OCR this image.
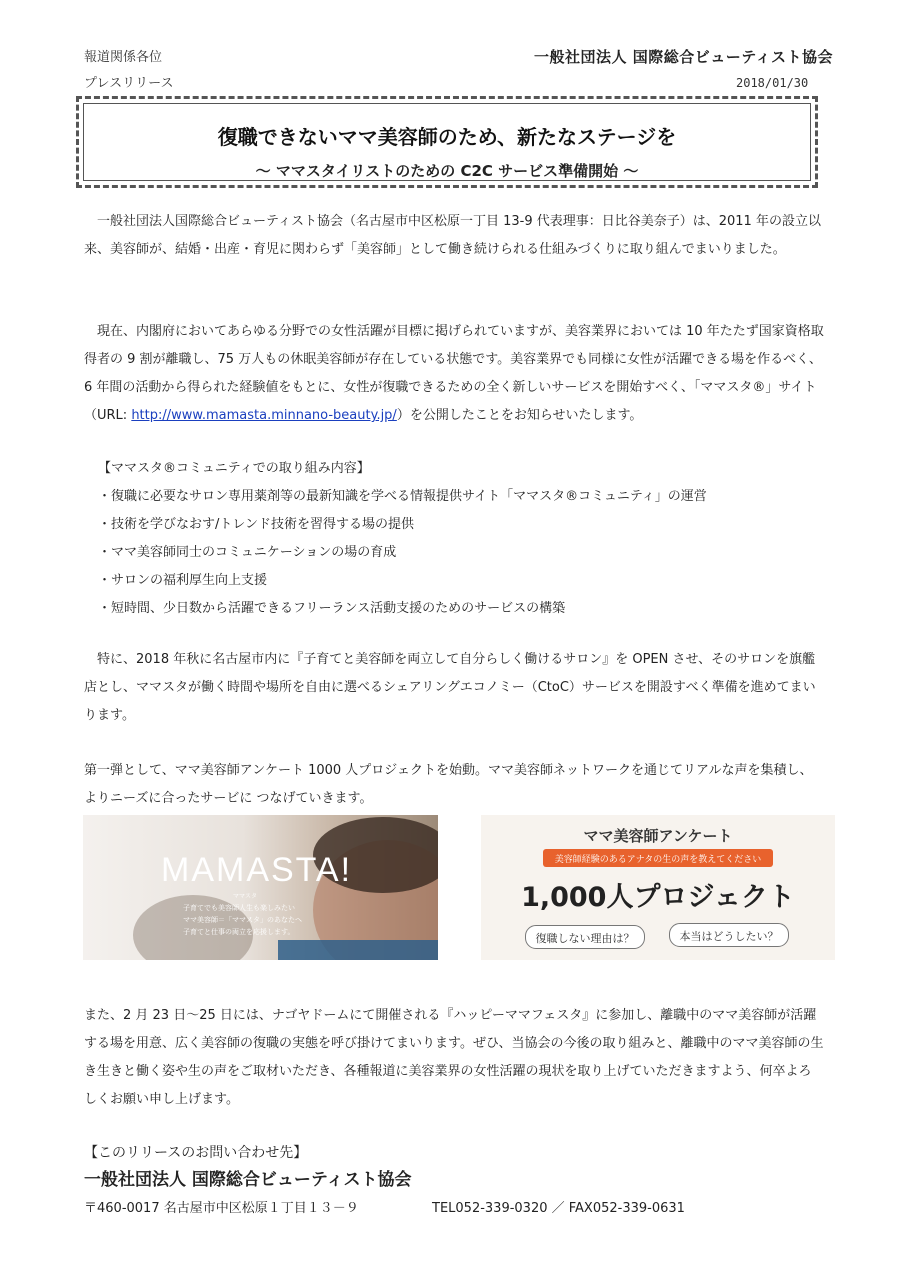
報道関係各位
プレスリリース
一般社団法人 国際総合ビューティスト協会
2018/01/30
復職できないママ美容師のため、新たなステージを
～ ママスタイリストのための C2C サービス準備開始 ～

一般社団法人国際総合ビューティスト協会（名古屋市中区松原一丁目 13-9 代表理事：日比谷美奈子）は、2011 年の設立以来、美容師が、結婚・出産・育児に関わらず「美容師」として働き続けられる仕組みづくりに取り組んでまいりました。

現在、内閣府においてあらゆる分野での女性活躍が目標に掲げられていますが、美容業界においては 10 年たたず国家資格取得者の 9 割が離職し、75 万人もの休眠美容師が存在している状態です。美容業界でも同様に女性が活躍できる場を作るべく、6 年間の活動から得られた経験値をもとに、女性が復職できるための全く新しいサービスを開始すべく、「ママスタ®」サイト（URL: http://www.mamasta.minnano-beauty.jp/）を公開したことをお知らせいたします。

【ママスタ®コミュニティでの取り組み内容】
・復職に必要なサロン専用薬剤等の最新知識を学べる情報提供サイト「ママスタ®コミュニティ」の運営
・技術を学びなおす/トレンド技術を習得する場の提供
・ママ美容師同士のコミュニケーションの場の育成
・サロンの福利厚生向上支援
・短時間、少日数から活躍できるフリーランス活動支援のためのサービスの構築

特に、2018 年秋に名古屋市内に『子育てと美容師を両立して自分らしく働けるサロン』を OPEN させ、そのサロンを旗艦店とし、ママスタが働く時間や場所を自由に選べるシェアリングエコノミー（CtoC）サービスを開設すべく準備を進めてまいります。

第一弾として、ママ美容師アンケート 1000 人プロジェクトを始動。ママ美容師ネットワークを通じてリアルな声を集積し、よりニーズに合ったサービに つなげていきます。

MAMASTA!
ママスタ
子育てでも美容師人生も楽しみたい
ママ美容師＝「ママスタ」のあなたへ
子育てと仕事の両立を応援します。
ママ美容師アンケート
美容師経験のあるアナタの生の声を教えてください
1,000人プロジェクト
復職しない理由は？	本当はどうしたい？

また、2 月 23 日～25 日には、ナゴヤドームにて開催される『ハッピーママフェスタ』に参加し、離職中のママ美容師が活躍する場を用意、広く美容師の復職の実態を呼び掛けてまいります。ぜひ、当協会の今後の取り組みと、離職中のママ美容師の生き生きと働く姿や生の声をご取材いただき、各種報道に美容業界の女性活躍の現状を取り上げていただきますよう、何卒よろしくお願い申し上げます。

【このリリースのお問い合わせ先】
一般社団法人 国際総合ビューティスト協会
〒460-0017 名古屋市中区松原１丁目１３－９	TEL052-339-0320 ／ FAX052-339-0631
